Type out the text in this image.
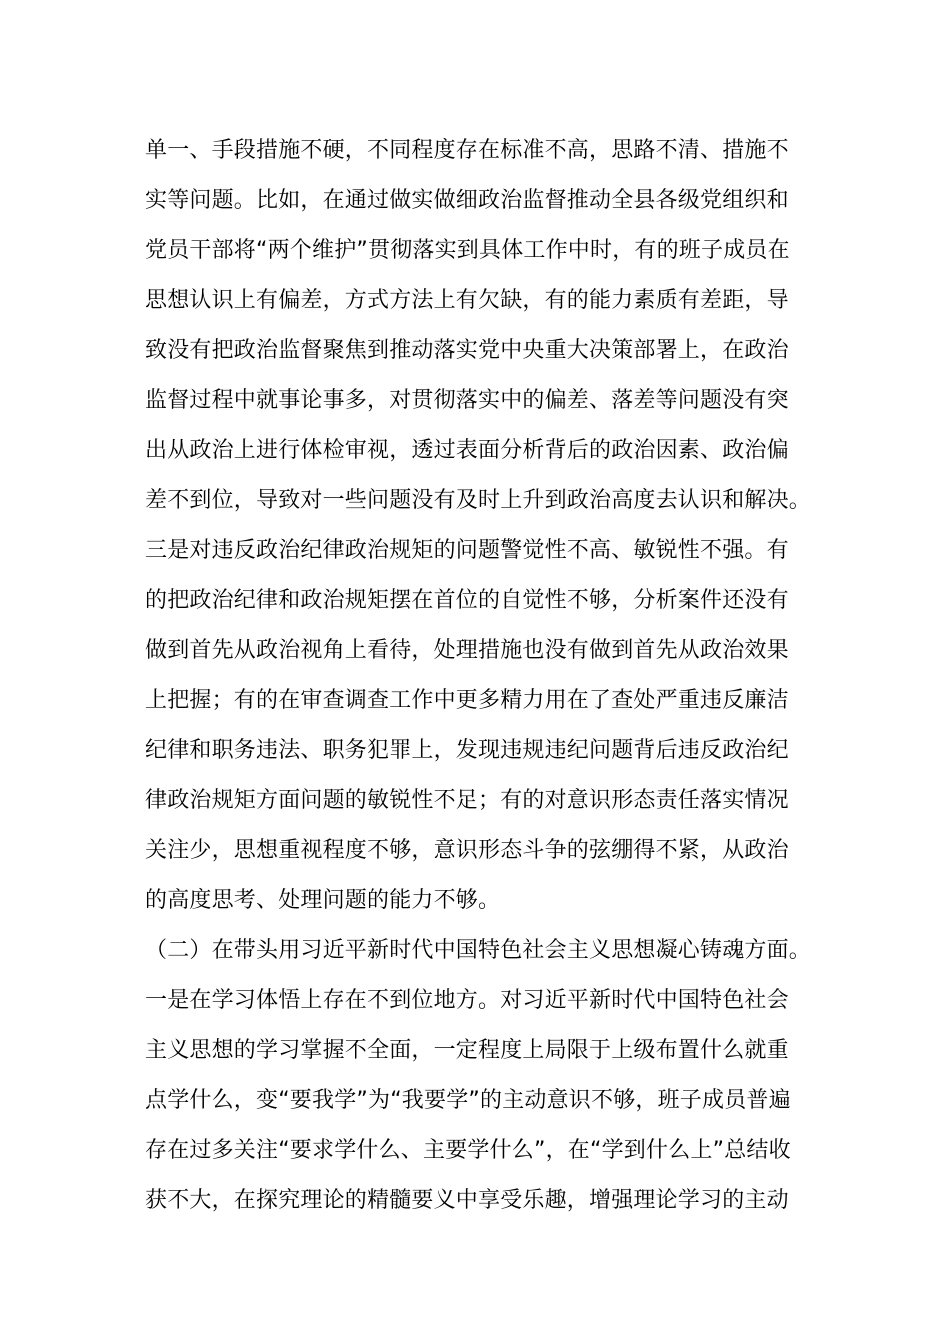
单一、手段措施不硬，不同程度存在标准不高，思路不清、措施不
实等问题。比如，在通过做实做细政治监督推动全县各级党组织和
党员干部将“两个维护”贯彻落实到具体工作中时，有的班子成员在
思想认识上有偏差，方式方法上有欠缺，有的能力素质有差距，导
致没有把政治监督聚焦到推动落实党中央重大决策部署上，在政治
监督过程中就事论事多，对贯彻落实中的偏差、落差等问题没有突
出从政治上进行体检审视，透过表面分析背后的政治因素、政治偏
差不到位，导致对一些问题没有及时上升到政治高度去认识和解决。
三是对违反政治纪律政治规矩的问题警觉性不高、敏锐性不强。有
的把政治纪律和政治规矩摆在首位的自觉性不够，分析案件还没有
做到首先从政治视角上看待，处理措施也没有做到首先从政治效果
上把握；有的在审查调查工作中更多精力用在了查处严重违反廉洁
纪律和职务违法、职务犯罪上，发现违规违纪问题背后违反政治纪
律政治规矩方面问题的敏锐性不足；有的对意识形态责任落实情况
关注少，思想重视程度不够，意识形态斗争的弦绷得不紧，从政治
的高度思考、处理问题的能力不够。
（二）在带头用习近平新时代中国特色社会主义思想凝心铸魂方面。
一是在学习体悟上存在不到位地方。对习近平新时代中国特色社会
主义思想的学习掌握不全面，一定程度上局限于上级布置什么就重
点学什么，变“要我学”为“我要学”的主动意识不够，班子成员普遍
存在过多关注“要求学什么、主要学什么”，在“学到什么上”总结收
获不大，在探究理论的精髓要义中享受乐趣，增强理论学习的主动
